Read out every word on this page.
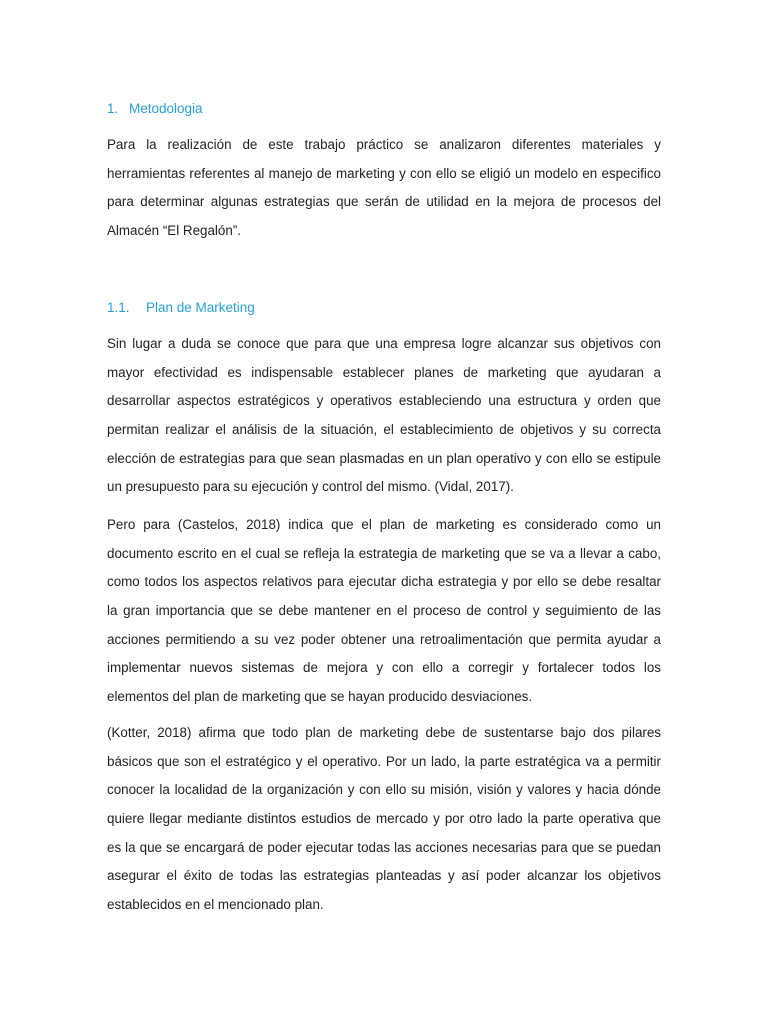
1. Metodologia
Para la realización de este trabajo práctico se analizaron diferentes materiales y
herramientas referentes al manejo de marketing y con ello se eligió un modelo en especifico
para determinar algunas estrategias que serán de utilidad en la mejora de procesos del
Almacén “El Regalón”.
1.1. Plan de Marketing
Sin lugar a duda se conoce que para que una empresa logre alcanzar sus objetivos con
mayor efectividad es indispensable establecer planes de marketing que ayudaran a
desarrollar aspectos estratégicos y operativos estableciendo una estructura y orden que
permitan realizar el análisis de la situación, el establecimiento de objetivos y su correcta
elección de estrategias para que sean plasmadas en un plan operativo y con ello se estipule
un presupuesto para su ejecución y control del mismo. (Vidal, 2017).
Pero para (Castelos, 2018) indica que el plan de marketing es considerado como un
documento escrito en el cual se refleja la estrategia de marketing que se va a llevar a cabo,
como todos los aspectos relativos para ejecutar dicha estrategia y por ello se debe resaltar
la gran importancia que se debe mantener en el proceso de control y seguimiento de las
acciones permitiendo a su vez poder obtener una retroalimentación que permita ayudar a
implementar nuevos sistemas de mejora y con ello a corregir y fortalecer todos los
elementos del plan de marketing que se hayan producido desviaciones.
(Kotter, 2018) afirma que todo plan de marketing debe de sustentarse bajo dos pilares
básicos que son el estratégico y el operativo. Por un lado, la parte estratégica va a permitir
conocer la localidad de la organización y con ello su misión, visión y valores y hacia dónde
quiere llegar mediante distintos estudios de mercado y por otro lado la parte operativa que
es la que se encargará de poder ejecutar todas las acciones necesarias para que se puedan
asegurar el éxito de todas las estrategias planteadas y así poder alcanzar los objetivos
establecidos en el mencionado plan.
